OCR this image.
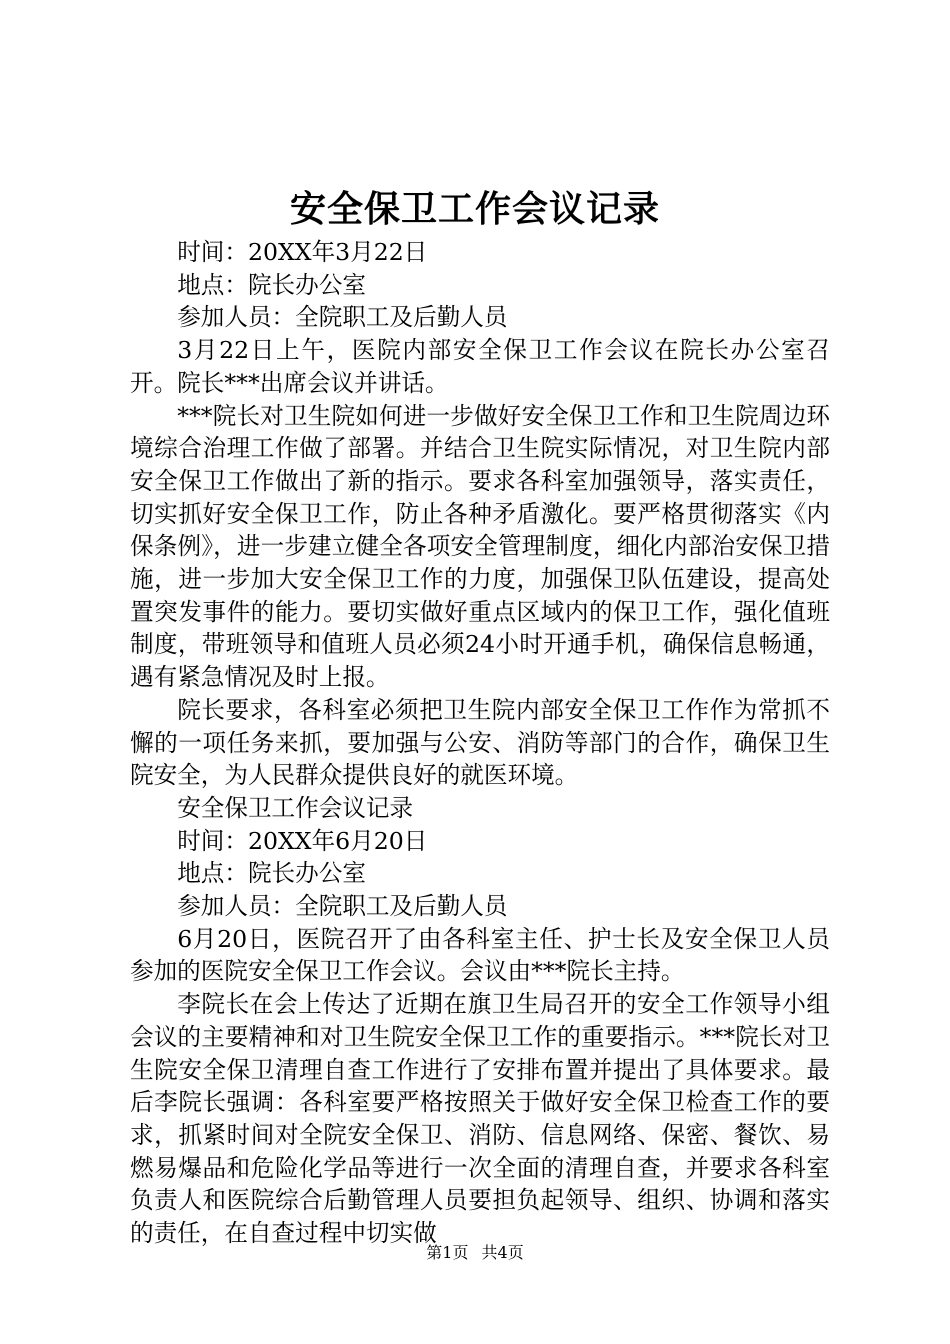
安全保卫工作会议记录

时间：20XX年3月22日

地点：院长办公室

参加人员：全院职工及后勤人员

3月22日上午，医院内部安全保卫工作会议在院长办公室召开。院长***出席会议并讲话。

***院长对卫生院如何进一步做好安全保卫工作和卫生院周边环境综合治理工作做了部署。并结合卫生院实际情况，对卫生院内部安全保卫工作做出了新的指示。要求各科室加强领导，落实责任，切实抓好安全保卫工作，防止各种矛盾激化。要严格贯彻落实《内保条例》，进一步建立健全各项安全管理制度，细化内部治安保卫措施，进一步加大安全保卫工作的力度，加强保卫队伍建设，提高处置突发事件的能力。要切实做好重点区域内的保卫工作，强化值班制度，带班领导和值班人员必须24小时开通手机，确保信息畅通，遇有紧急情况及时上报。

院长要求，各科室必须把卫生院内部安全保卫工作作为常抓不懈的一项任务来抓，要加强与公安、消防等部门的合作，确保卫生院安全，为人民群众提供良好的就医环境。

安全保卫工作会议记录

时间：20XX年6月20日

地点：院长办公室

参加人员：全院职工及后勤人员

6月20日，医院召开了由各科室主任、护士长及安全保卫人员参加的医院安全保卫工作会议。会议由***院长主持。

李院长在会上传达了近期在旗卫生局召开的安全工作领导小组会议的主要精神和对卫生院安全保卫工作的重要指示。***院长对卫生院安全保卫清理自查工作进行了安排布置并提出了具体要求。最后李院长强调：各科室要严格按照关于做好安全保卫检查工作的要求，抓紧时间对全院安全保卫、消防、信息网络、保密、餐饮、易燃易爆品和危险化学品等进行一次全面的清理自查，并要求各科室负责人和医院综合后勤管理人员要担负起领导、组织、协调和落实的责任，在自查过程中切实做

第1页 共4页
